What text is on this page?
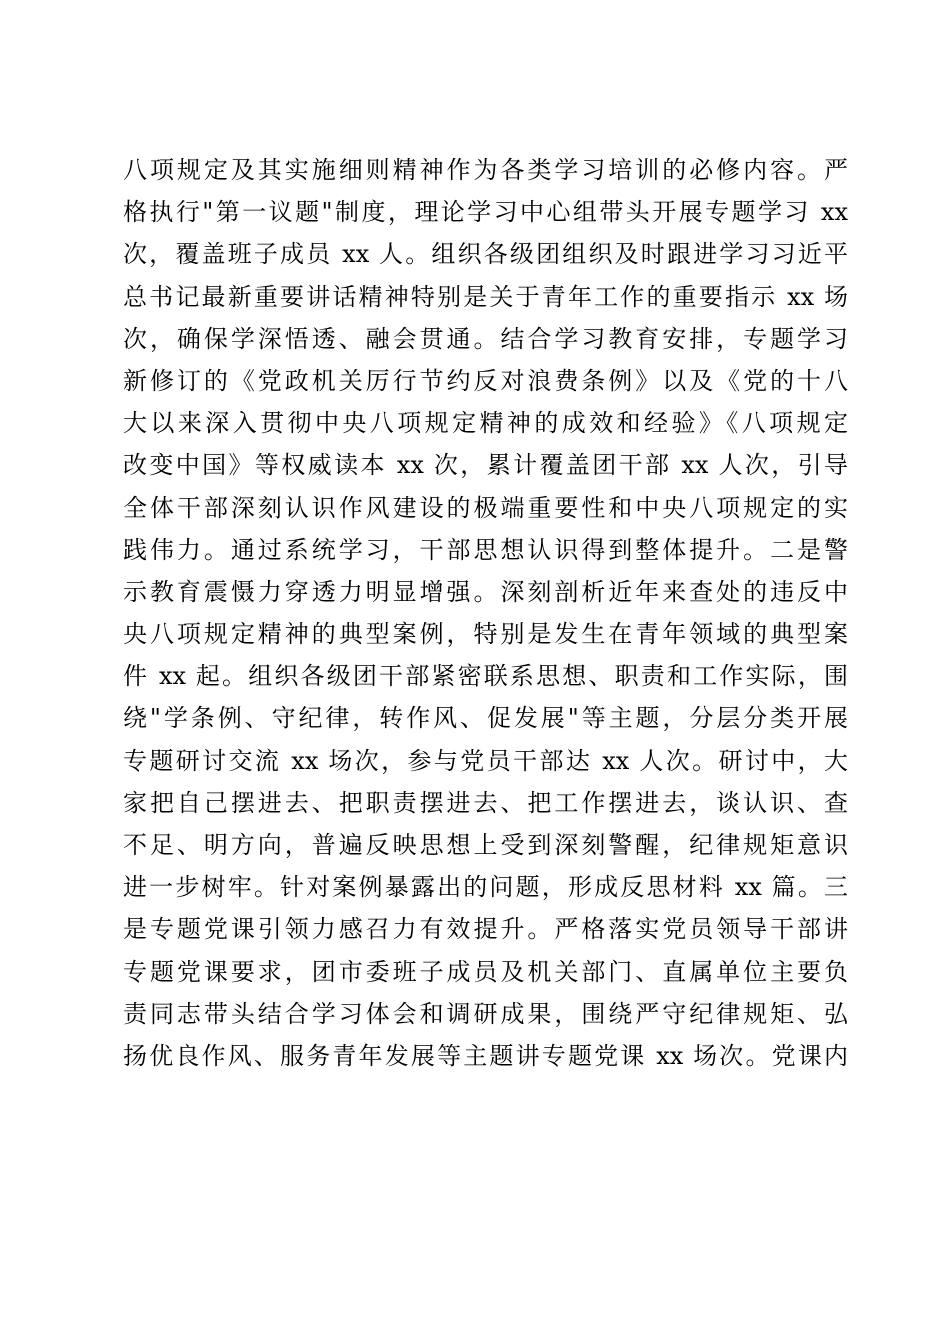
八项规定及其实施细则精神作为各类学习培训的必修内容。严
格执行"第一议题"制度，理论学习中心组带头开展专题学习 xx
次，覆盖班子成员 xx 人。组织各级团组织及时跟进学习习近平
总书记最新重要讲话精神特别是关于青年工作的重要指示 xx 场
次，确保学深悟透、融会贯通。结合学习教育安排，专题学习
新修订的《党政机关厉行节约反对浪费条例》以及《党的十八
大以来深入贯彻中央八项规定精神的成效和经验》《八项规定
改变中国》等权威读本 xx 次，累计覆盖团干部 xx 人次，引导
全体干部深刻认识作风建设的极端重要性和中央八项规定的实
践伟力。通过系统学习，干部思想认识得到整体提升。二是警
示教育震慑力穿透力明显增强。深刻剖析近年来查处的违反中
央八项规定精神的典型案例，特别是发生在青年领域的典型案
件 xx 起。组织各级团干部紧密联系思想、职责和工作实际，围
绕"学条例、守纪律，转作风、促发展"等主题，分层分类开展
专题研讨交流 xx 场次，参与党员干部达 xx 人次。研讨中，大
家把自己摆进去、把职责摆进去、把工作摆进去，谈认识、查
不足、明方向，普遍反映思想上受到深刻警醒，纪律规矩意识
进一步树牢。针对案例暴露出的问题，形成反思材料 xx 篇。三
是专题党课引领力感召力有效提升。严格落实党员领导干部讲
专题党课要求，团市委班子成员及机关部门、直属单位主要负
责同志带头结合学习体会和调研成果，围绕严守纪律规矩、弘
扬优良作风、服务青年发展等主题讲专题党课 xx 场次。党课内
